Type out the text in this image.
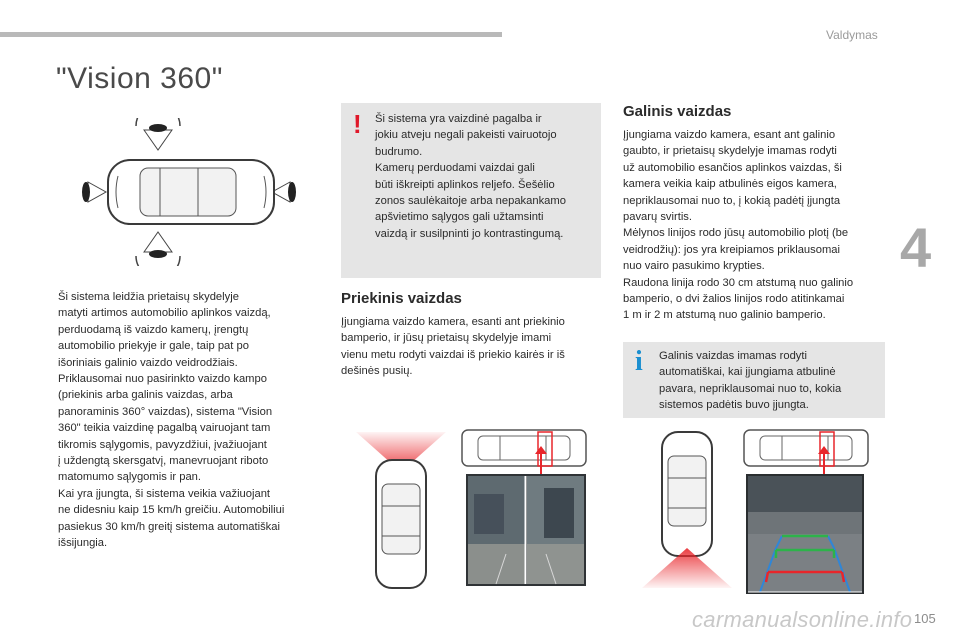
Valdymas
4
"Vision 360"
Ši sistema leidžia prietaisų skydelyje
matyti artimos automobilio aplinkos vaizdą,
perduodamą iš vaizdo kamerų, įrengtų
automobilio priekyje ir gale, taip pat po
išoriniais galinio vaizdo veidrodžiais.
Priklausomai nuo pasirinkto vaizdo kampo
(priekinis arba galinis vaizdas, arba
panoraminis 360° vaizdas), sistema "Vision
360" teikia vaizdinę pagalbą vairuojant tam
tikromis sąlygomis, pavyzdžiui, įvažiuojant
į uždengtą skersgatvį, manevruojant riboto
matomumo sąlygomis ir pan.
Kai yra įjungta, ši sistema veikia važiuojant
ne didesniu kaip 15 km/h greičiu. Automobiliui
pasiekus 30 km/h greitį sistema automatiškai
išsijungia.
! Ši sistema yra vaizdinė pagalba ir
jokiu atveju negali pakeisti vairuotojo
budrumo.
Kamerų perduodami vaizdai gali
būti iškreipti aplinkos reljefo. Šešėlio
zonos saulėkaitoje arba nepakankamo
apšvietimo sąlygos gali užtamsinti
vaizdą ir susilpninti jo kontrastingumą.
Priekinis vaizdas
Įjungiama vaizdo kamera, esanti ant priekinio
bamperio, ir jūsų prietaisų skydelyje imami
vienu metu rodyti vaizdai iš priekio kairės ir iš
dešinės pusių.
Galinis vaizdas
Įjungiama vaizdo kamera, esant ant galinio
gaubto, ir prietaisų skydelyje imamas rodyti
už automobilio esančios aplinkos vaizdas, ši
kamera veikia kaip atbulinės eigos kamera,
nepriklausomai nuo to, į kokią padėtį įjungta
pavarų svirtis.
Mėlynos linijos rodo jūsų automobilio plotį (be
veidrodžių): jos yra kreipiamos priklausomai
nuo vairo pasukimo krypties.
Raudona linija rodo 30 cm atstumą nuo galinio
bamperio, o dvi žalios linijos rodo atitinkamai
1 m ir 2 m atstumą nuo galinio bamperio.
i Galinis vaizdas imamas rodyti
automatiškai, kai įjungiama atbulinė
pavara, nepriklausomai nuo to, kokia
sistemos padėtis buvo įjungta.
carmanualsonline.info 105
